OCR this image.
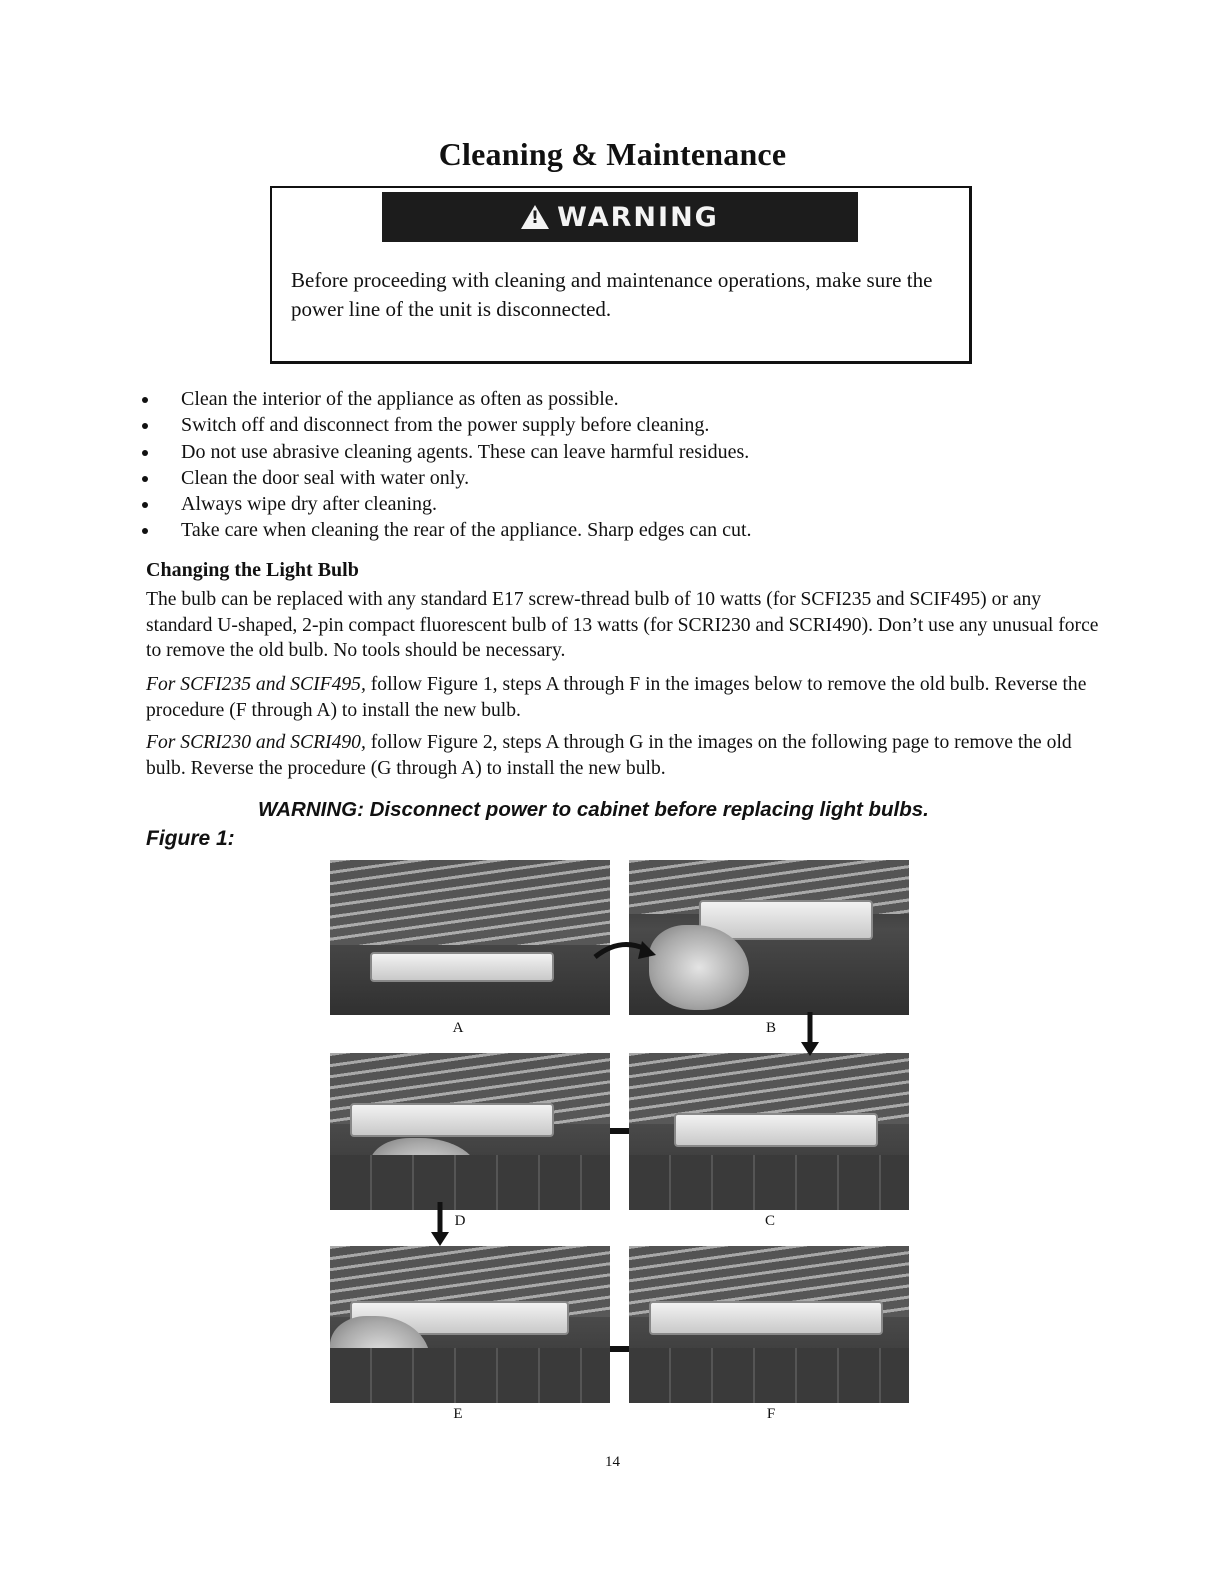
Cleaning & Maintenance
! WARNING
Before proceeding with cleaning and maintenance operations, make sure the power line of the unit is disconnected.
Clean the interior of the appliance as often as possible.
Switch off and disconnect from the power supply before cleaning.
Do not use abrasive cleaning agents. These can leave harmful residues.
Clean the door seal with water only.
Always wipe dry after cleaning.
Take care when cleaning the rear of the appliance. Sharp edges can cut.
Changing the Light Bulb
The bulb can be replaced with any standard E17 screw-thread bulb of 10 watts (for SCFI235 and SCIF495) or any standard U-shaped, 2-pin compact fluorescent bulb of 13 watts (for SCRI230 and SCRI490). Don’t use any unusual force to remove the old bulb. No tools should be necessary.
For SCFI235 and SCIF495, follow Figure 1, steps A through F in the images below to remove the old bulb. Reverse the procedure (F through A) to install the new bulb.
For SCRI230 and SCRI490, follow Figure 2, steps A through G in the images on the following page to remove the old bulb. Reverse the procedure (G through A) to install the new bulb.
WARNING: Disconnect power to cabinet before replacing light bulbs.
Figure 1:
A	B
C
D
E	F
14
